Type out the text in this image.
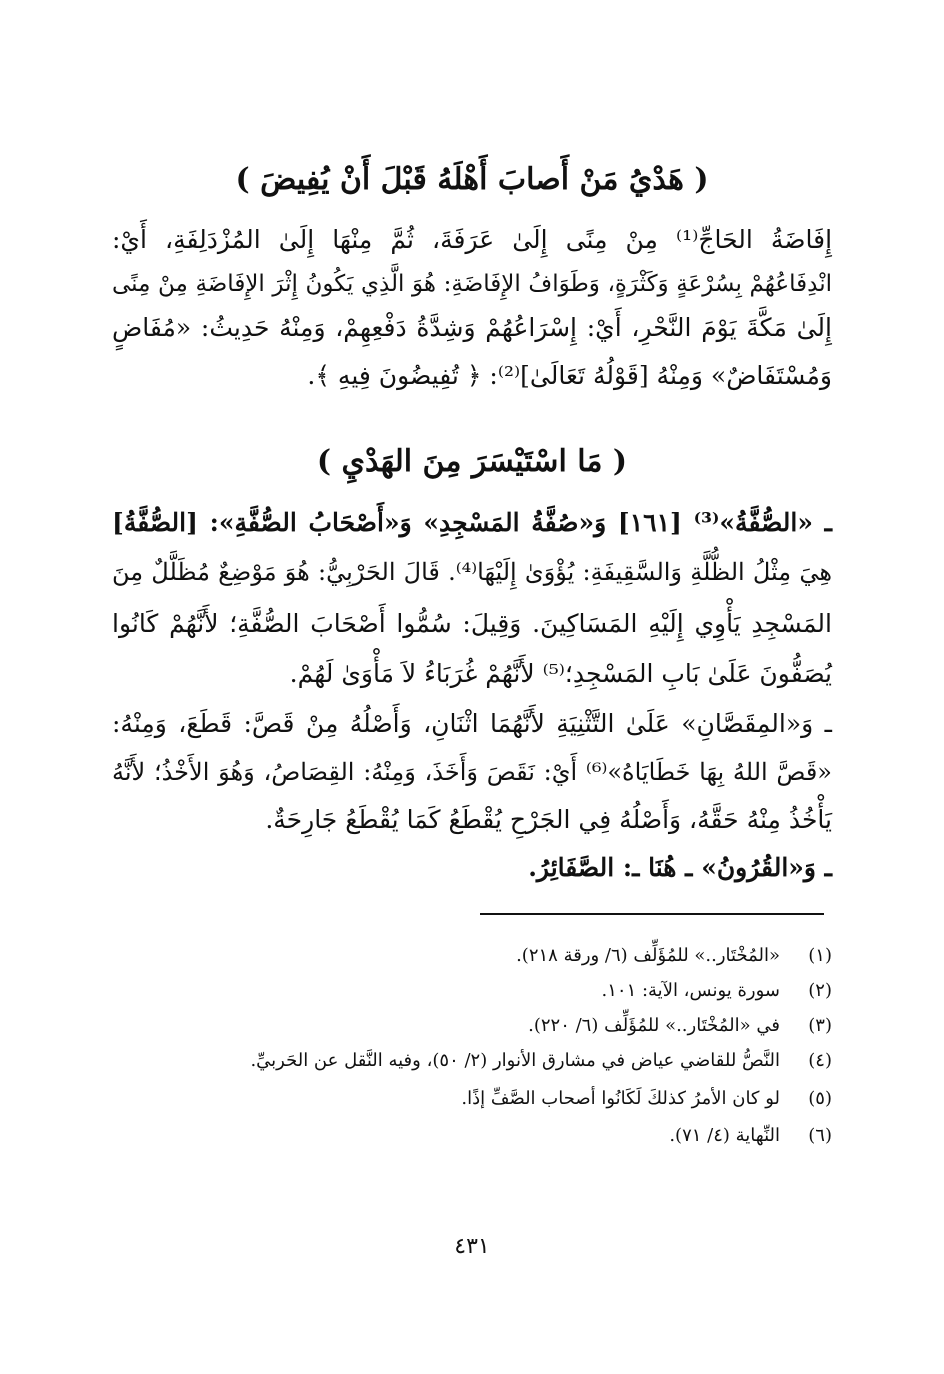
( هَدْيُ مَنْ أَصابَ أَهْلَهُ قَبْلَ أَنْ يُفِيضَ )
إِفَاضَةُ الحَاجِّ⁽¹⁾ مِنْ مِنًى إِلَىٰ عَرَفَةَ، ثُمَّ مِنْهَا إِلَىٰ المُزْدَلِفَةِ، أَيْ:
انْدِفَاعُهُمْ بِسُرْعَةٍ وَكَثْرَةٍ، وَطَوَافُ الإِفَاضَةِ: هُوَ الَّذِي يَكُونُ إِثْرَ الإِفَاضَةِ مِنْ مِنًى
إِلَىٰ مَكَّةَ يَوْمَ النَّحْرِ، أَيْ: إِسْرَاعُهُمْ وَشِدَّةُ دَفْعِهِمْ، وَمِنْهُ حَدِيثُ: «مُفَاضٍ
وَمُسْتَفَاضٌ» وَمِنْهُ [قَوْلُهُ تَعَالَىٰ]⁽²⁾: ﴿ تُفِيضُونَ فِيهِ ﴾.
( مَا اسْتَيْسَرَ مِنَ الهَدْيِ )
ـ «الصُّفَّةُ»⁽³⁾ [١٦١] وَ«صُفَّةُ المَسْجِدِ» وَ«أَصْحَابُ الصُّفَّةِ»: [الصُّفَّةُ]
هِيَ مِثْلُ الظُّلَّةِ وَالسَّقِيفَةِ: يُؤْوَىٰ إِلَيْهَا⁽⁴⁾. قَالَ الحَرْبِيُّ: هُوَ مَوْضِعٌ مُظَلَّلٌ مِنَ
المَسْجِدِ يَأْوِي إِلَيْهِ المَسَاكِينَ. وَقِيلَ: سُمُّوا أَصْحَابَ الصُّفَّةِ؛ لأَنَّهُمْ كَانُوا
يُصَفُّونَ عَلَىٰ بَابِ المَسْجِدِ؛⁽⁵⁾ لأَنَّهُمْ غُرَبَاءُ لاَ مَأْوَىٰ لَهُمْ.
ـ وَ«المِقَصَّانِ» عَلَىٰ التَّثْنِيَةِ لأَنَّهُمَا اثْنَانِ، وَأَصْلُهُ مِنْ قَصَّ: قَطَعَ، وَمِنْهُ:
«قَصَّ اللهُ بِهَا خَطَايَاهُ»⁽⁶⁾ أَيْ: نَقَصَ وَأَخَذَ، وَمِنْهُ: القِصَاصُ، وَهُوَ الأَخْذُ؛ لأَنَّهُ
يَأْخُذُ مِنْهُ حَقَّهُ، وَأَصْلُهُ فِي الجَرْحِ يُقْطَعُ كَمَا يُقْطَعُ جَارِحَةٌ.
ـ وَ«القُرُونُ» ـ هُنَا ـ: الصَّفَائِرُ.
(١)
«المُخْتَار..» للمُؤَلِّف (٦/ ورقة ٢١٨).
(٢)
سورة يونس، الآية: ١٠١.
(٣)
في «المُخْتَار..» للمُؤَلِّف (٦/ ٢٢٠).
(٤)
النَّصُّ للقاضي عياض في مشارق الأنوار (٢/ ٥٠)، وفيه النَّقل عن الحَربيِّ.
(٥)
لو كان الأمرُ كذلكَ لَكَانُوا أصحاب الصَّفِّ إذًا.
(٦)
النِّهاية (٤/ ٧١).
٤٣١
